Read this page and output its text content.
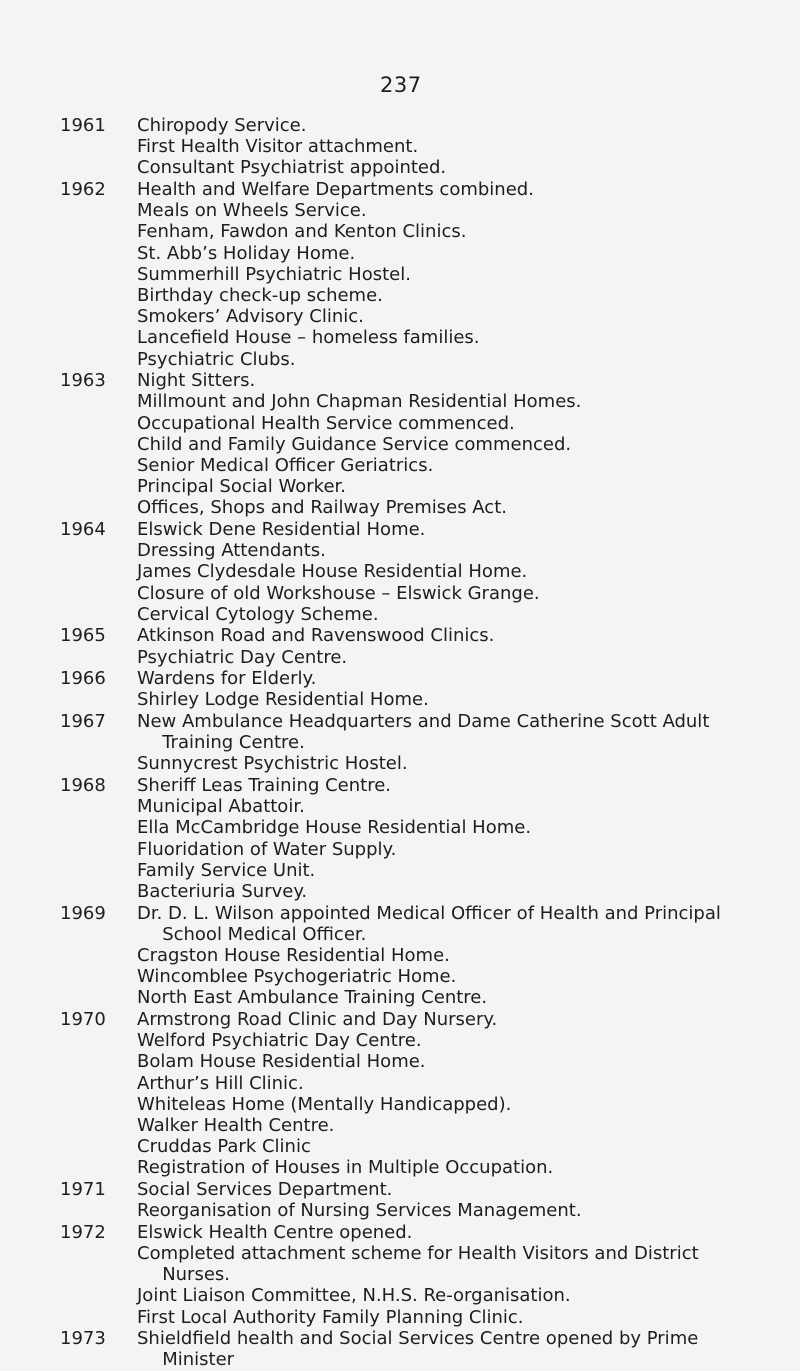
237
1961	Chiropody Service.
First Health Visitor attachment.
Consultant Psychiatrist appointed.
1962	Health and Welfare Departments combined.
Meals on Wheels Service.
Fenham, Fawdon and Kenton Clinics.
St. Abb’s Holiday Home.
Summerhill Psychiatric Hostel.
Birthday check-up scheme.
Smokers’ Advisory Clinic.
Lancefield House – homeless families.
Psychiatric Clubs.
1963	Night Sitters.
Millmount and John Chapman Residential Homes.
Occupational Health Service commenced.
Child and Family Guidance Service commenced.
Senior Medical Officer Geriatrics.
Principal Social Worker.
Offices, Shops and Railway Premises Act.
1964	Elswick Dene Residential Home.
Dressing Attendants.
James Clydesdale House Residential Home.
Closure of old Workshouse – Elswick Grange.
Cervical Cytology Scheme.
1965	Atkinson Road and Ravenswood Clinics.
Psychiatric Day Centre.
1966	Wardens for Elderly.
Shirley Lodge Residential Home.
1967	New Ambulance Headquarters and Dame Catherine Scott Adult Training Centre.
Sunnycrest Psychistric Hostel.
1968	Sheriff Leas Training Centre.
Municipal Abattoir.
Ella McCambridge House Residential Home.
Fluoridation of Water Supply.
Family Service Unit.
Bacteriuria Survey.
1969	Dr. D. L. Wilson appointed Medical Officer of Health and Principal School Medical Officer.
Cragston House Residential Home.
Wincomblee Psychogeriatric Home.
North East Ambulance Training Centre.
1970	Armstrong Road Clinic and Day Nursery.
Welford Psychiatric Day Centre.
Bolam House Residential Home.
Arthur’s Hill Clinic.
Whiteleas Home (Mentally Handicapped).
Walker Health Centre.
Cruddas Park Clinic
Registration of Houses in Multiple Occupation.
1971	Social Services Department.
Reorganisation of Nursing Services Management.
1972	Elswick Health Centre opened.
Completed attachment scheme for Health Visitors and District Nurses.
Joint Liaison Committee, N.H.S. Re-organisation.
First Local Authority Family Planning Clinic.
1973	Shieldfield health and Social Services Centre opened by Prime Minister
